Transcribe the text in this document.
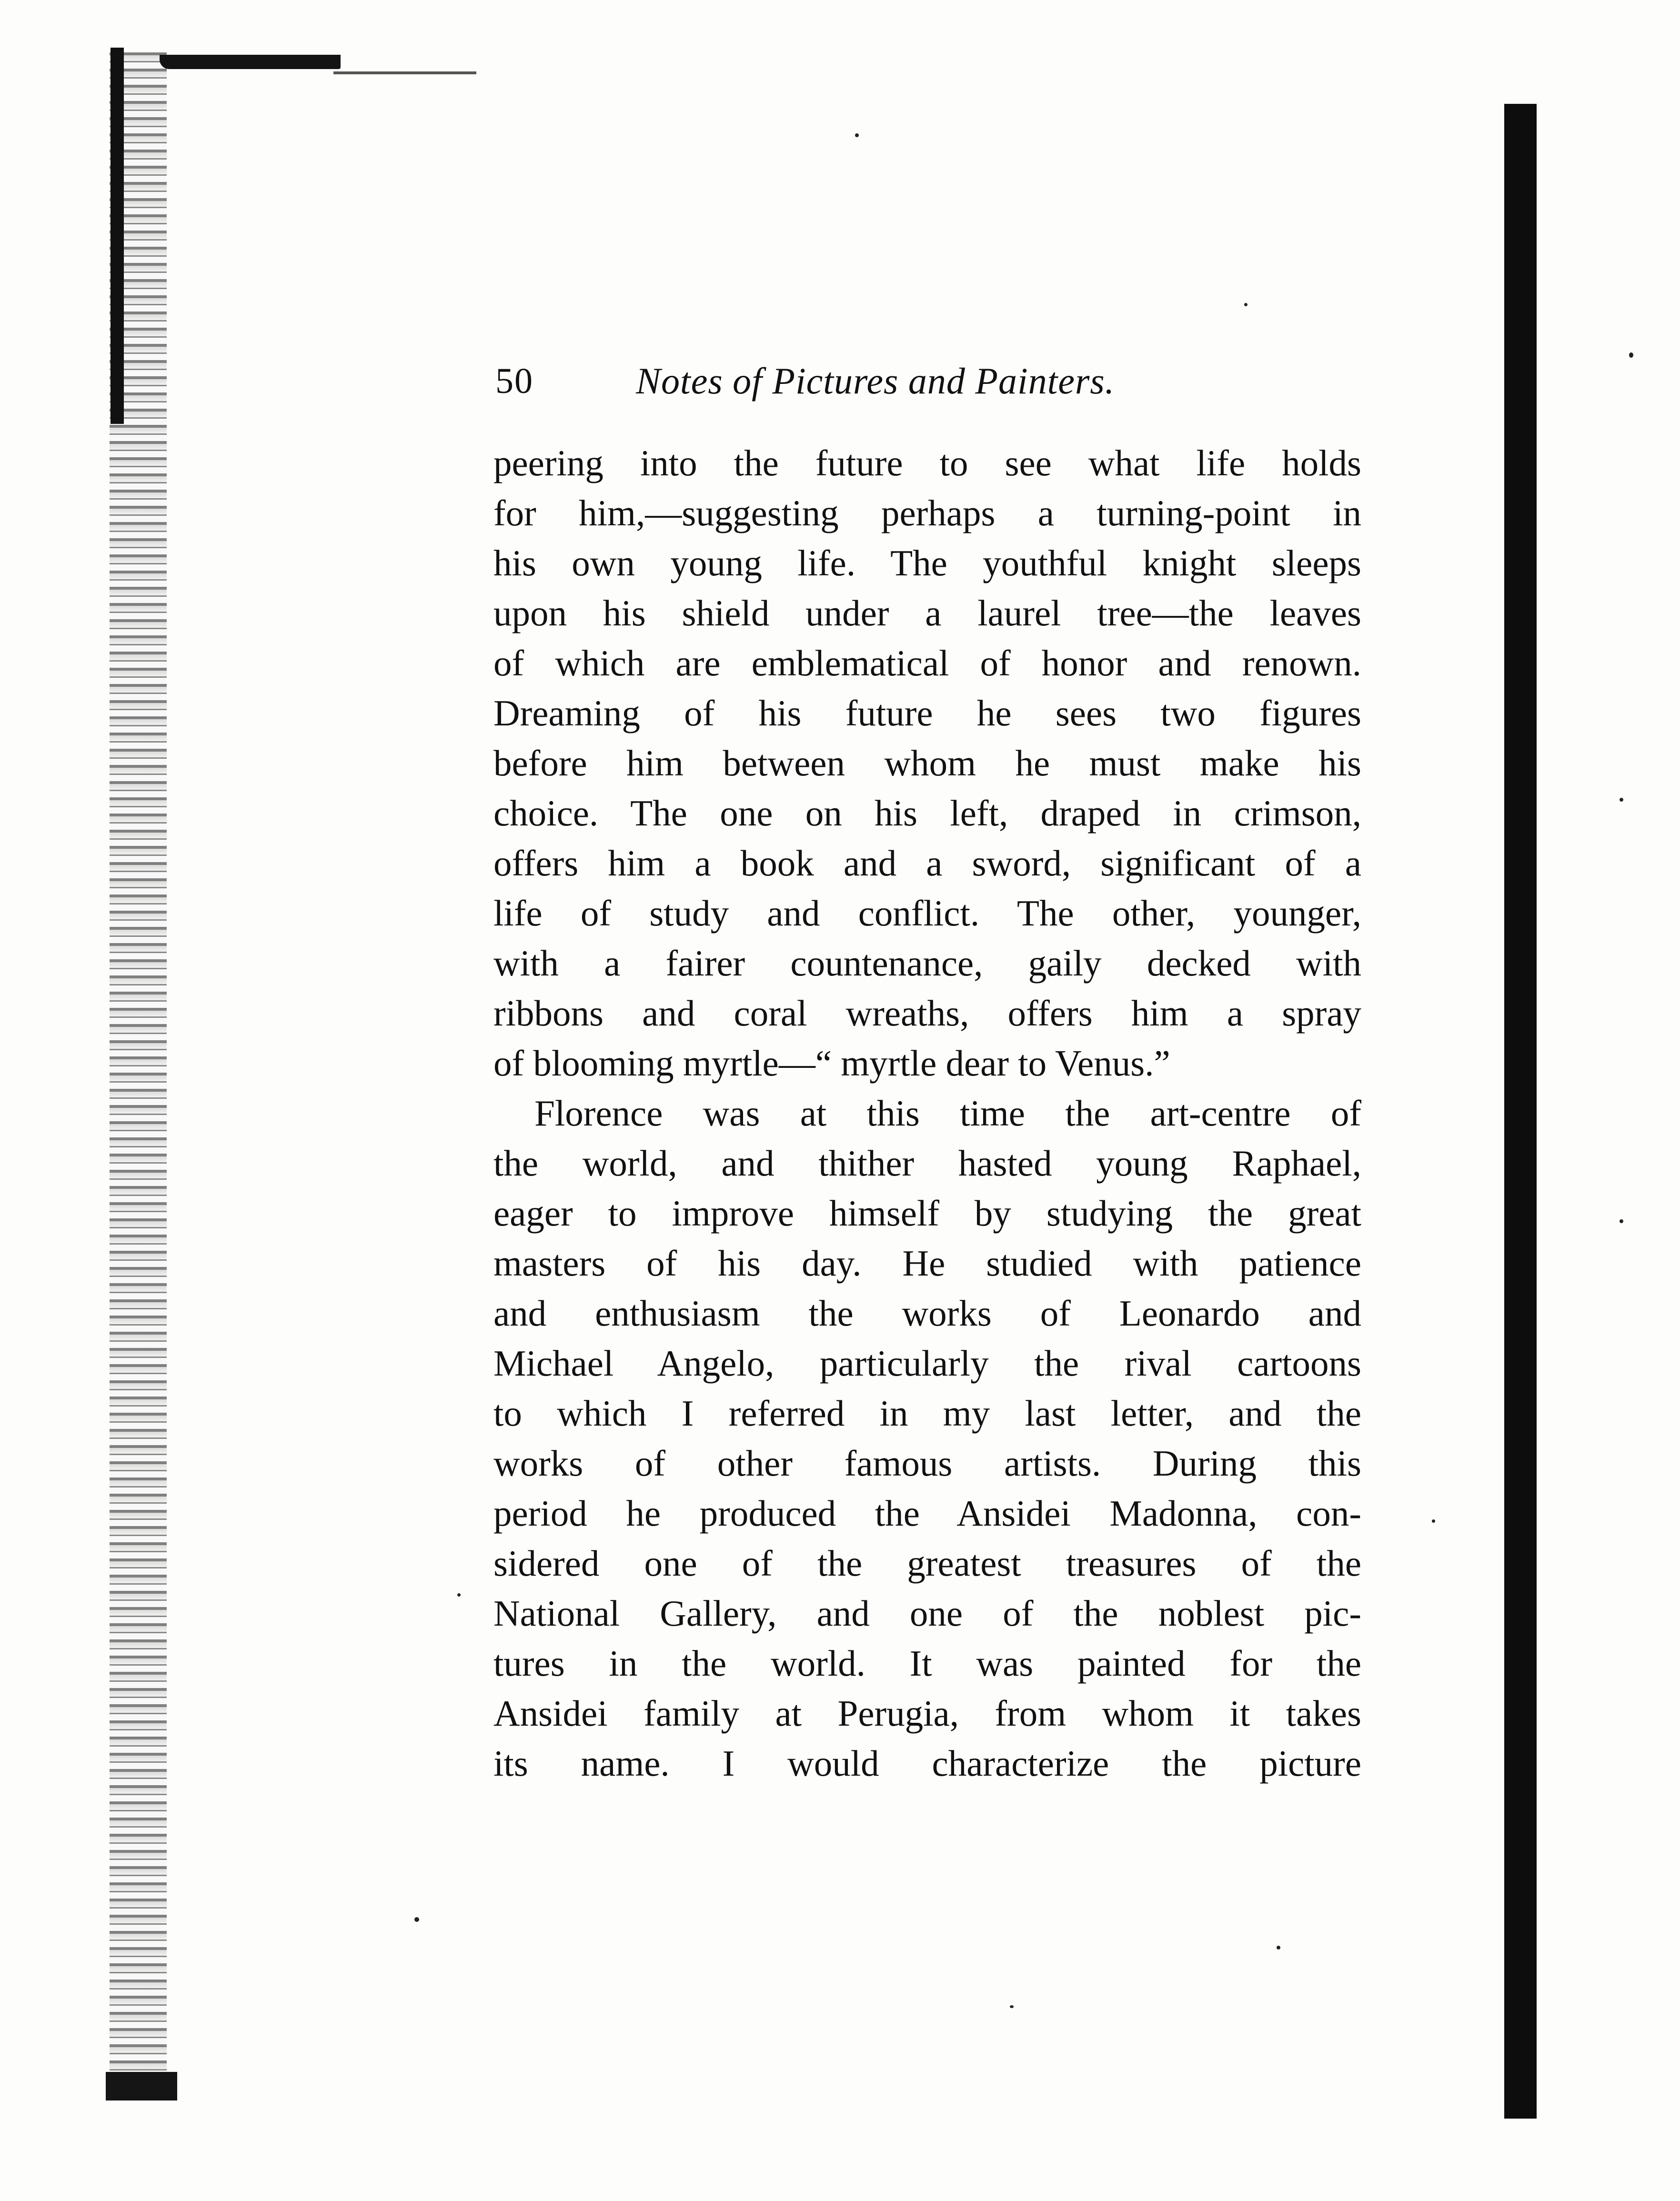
50	Notes of Pictures and Painters.
peering into the future to see what life holds
for him,—suggesting perhaps a turning-point in
his own young life. The youthful knight sleeps
upon his shield under a laurel tree—the leaves
of which are emblematical of honor and renown.
Dreaming of his future he sees two figures
before him between whom he must make his
choice. The one on his left, draped in crimson,
offers him a book and a sword, significant of a
life of study and conflict. The other, younger,
with a fairer countenance, gaily decked with
ribbons and coral wreaths, offers him a spray
of blooming myrtle—“ myrtle dear to Venus.”
Florence was at this time the art-centre of
the world, and thither hasted young Raphael,
eager to improve himself by studying the great
masters of his day. He studied with patience
and enthusiasm the works of Leonardo and
Michael Angelo, particularly the rival cartoons
to which I referred in my last letter, and the
works of other famous artists. During this
period he produced the Ansidei Madonna, con-
sidered one of the greatest treasures of the
National Gallery, and one of the noblest pic-
tures in the world. It was painted for the
Ansidei family at Perugia, from whom it takes
its name. I would characterize the picture
